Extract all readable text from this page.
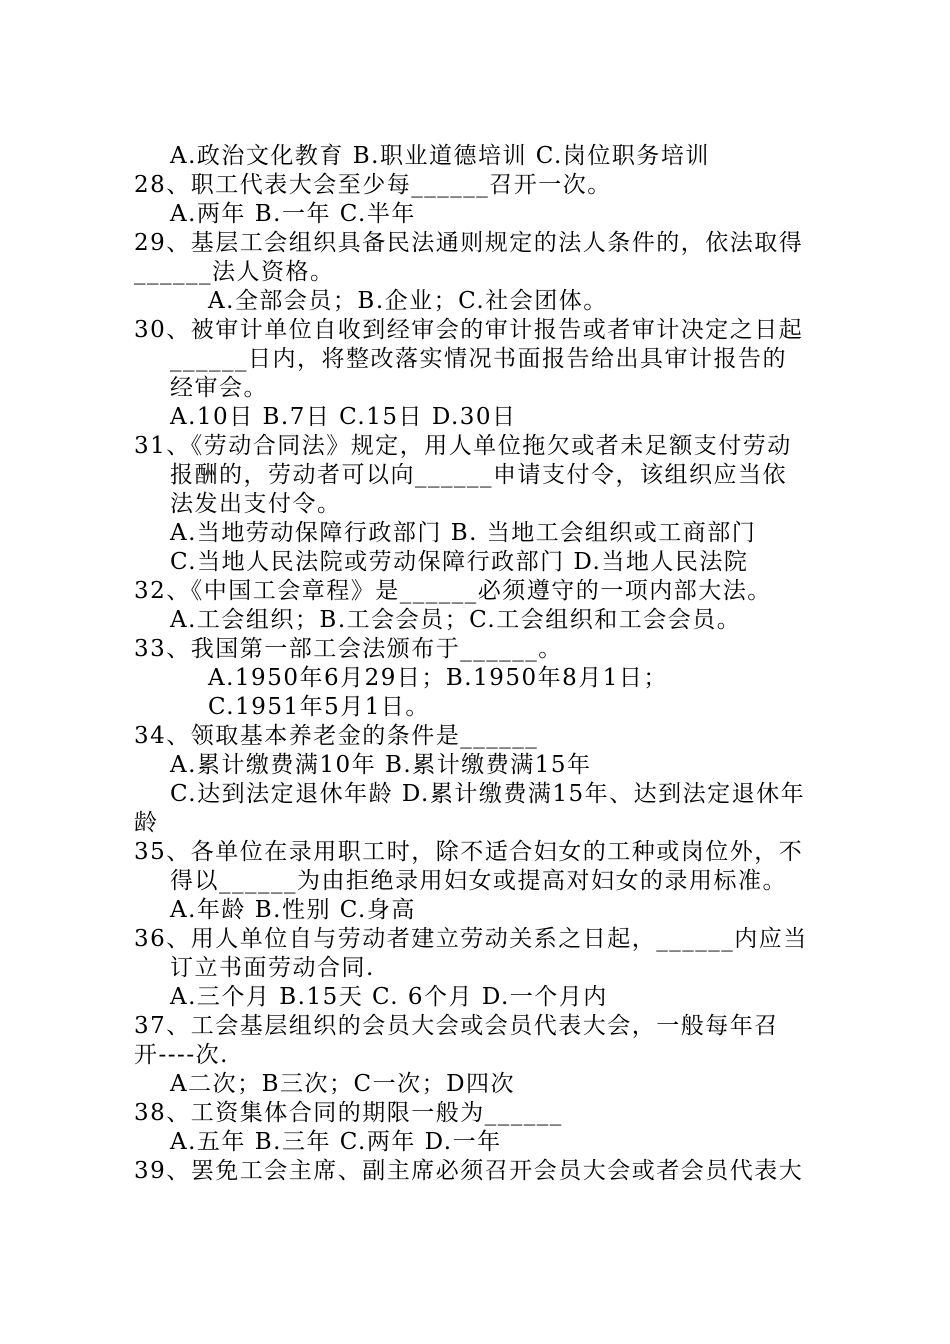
A.政治文化教育 B.职业道德培训 C.岗位职务培训
28、职工代表大会至少每______召开一次。
A.两年 B.一年 C.半年
29、基层工会组织具备民法通则规定的法人条件的，依法取得
______法人资格。
A.全部会员；B.企业；C.社会团体。
30、被审计单位自收到经审会的审计报告或者审计决定之日起
______日内，将整改落实情况书面报告给出具审计报告的
经审会。
A.10日 B.7日 C.15日 D.30日
31、《劳动合同法》规定，用人单位拖欠或者未足额支付劳动
报酬的，劳动者可以向______申请支付令，该组织应当依
法发出支付令。
A.当地劳动保障行政部门 B. 当地工会组织或工商部门
C.当地人民法院或劳动保障行政部门 D.当地人民法院
32、《中国工会章程》是______必须遵守的一项内部大法。
A.工会组织；B.工会会员；C.工会组织和工会会员。
33、我国第一部工会法颁布于______。
A.1950年6月29日；B.1950年8月1日；
C.1951年5月1日。
34、领取基本养老金的条件是______
A.累计缴费满10年 B.累计缴费满15年
C.达到法定退休年龄 D.累计缴费满15年、达到法定退休年
龄
35、各单位在录用职工时，除不适合妇女的工种或岗位外，不
得以______为由拒绝录用妇女或提高对妇女的录用标准。
A.年龄 B.性别 C.身高
36、用人单位自与劳动者建立劳动关系之日起，______内应当
订立书面劳动合同.
A.三个月 B.15天 C. 6个月 D.一个月内
37、工会基层组织的会员大会或会员代表大会，一般每年召
开----次.
A二次；B三次；C一次；D四次
38、工资集体合同的期限一般为______
A.五年 B.三年 C.两年 D.一年
39、罢免工会主席、副主席必须召开会员大会或者会员代表大
